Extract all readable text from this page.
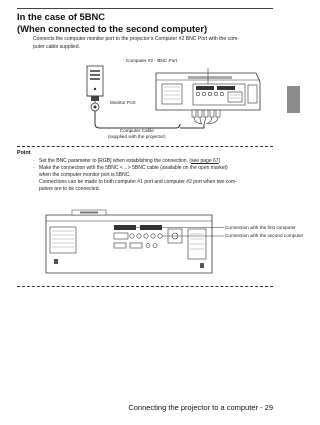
In the case of 5BNC
(When connected to the second computer)

Connects the computer monitor port to the projector’s Computer #2 BNC Port with the com-
puter cable supplied.

Computer #2 - BNC Port
Monitor Port
Computer Cable
(supplied with the projector)
Point
· Set the BNC parameter to [RGB] when establishing the connection. (see page 67)
· Make the connection with the 5BNC <→> 5BNC cable (available on the open market)
when the computer monitor port is 5BNC.
· Connections can be made to both computer #1 port and computer #2 port when two com-
puters are to be connected.
Connection with the first computer
Connection with the second computer

Connecting the projector to a computer - 29
